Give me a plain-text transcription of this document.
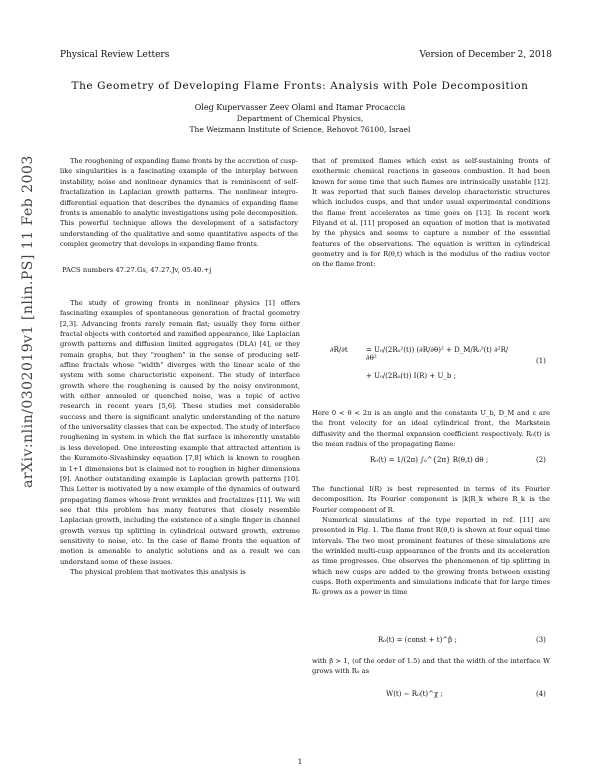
Physical Review Letters	Version of December 2, 2018
The Geometry of Developing Flame Fronts: Analysis with Pole Decomposition
Oleg Kupervasser Zeev Olami and Itamar Procaccia
Department of Chemical Physics,
The Weizmann Institute of Science, Rehovot 76100, Israel
arXiv:nlin/0302019v1 [nlin.PS] 11 Feb 2003	The roughening of expanding flame fronts by the accretion of cusp-like singularities is a fascinating example of the interplay between instability, noise and nonlinear dynamics that is reminiscent of self-fractalization in Laplacian growth patterns. The nonlinear integro-differential equation that describes the dynamics of expanding flame fronts is amenable to analytic investigations using pole decomposition. This powerful technique allows the development of a satisfactory understanding of the qualitative and some quantitative aspects of the complex geometry that develops in expanding flame fronts.

PACS numbers 47.27.Gs, 47.27.Jv, 05.40.+j

The study of growing fronts in nonlinear physics [1] offers fascinating examples of spontaneous generation of fractal geometry [2,3]. Advancing fronts rarely remain flat; usually they form either fractal objects with contorted and ramified appearance, like Laplacian growth patterns and diffusion limited aggregates (DLA) [4], or they remain graphs, but they "roughen" in the sense of producing self-affine fractals whose "width" diverges with the linear scale of the system with some characteristic exponent. The study of interface growth where the roughening is caused by the noisy environment, with either annealed or quenched noise, was a topic of active research in recent years [5,6]. These studies met considerable success and there is significant analytic understanding of the nature of the universality classes that can be expected. The study of interface roughening in system in which the flat surface is inherently unstable is less developed. One interesting example that attracted attention is the Kuramoto-Sivashinsky equation [7,8] which is known to roughen in 1+1 dimensions but is claimed not to roughen in higher dimensions [9]. Another outstanding example is Laplacian growth patterns [10]. This Letter is motivated by a new example of the dynamics of outward propagating flames whose front wrinkles and fractalizes [11]. We will see that this problem has many features that closely resemble Laplacian growth, including the existence of a single finger in channel growth versus tip splitting in cylindrical outward growth, extreme sensitivity to noise, etc. In the case of flame fronts the equation of motion is amenable to analytic solutions and as a result we can understand some of these issues.

The physical problem that motivates this analysis is

that of premixed flames which exist as self-sustaining fronts of exothermic chemical reactions in gaseous combustion. It had been known for some time that such flames are intrinsically unstable [12]. It was reported that such flames develop characteristic structures which includes cusps, and that under usual experimental conditions the flame front accelerates as time goes on [13]. In recent work Filyand et al. [11] proposed an equation of motion that is motivated by the physics and seems to capture a number of the essential features of the observations. The equation is written in cylindrical geometry and is for R(θ,t) which is the modulus of the radius vector on the flame front:

∂R/∂t	= U₀/(2R₀²(t)) (∂R/∂θ)² + D_M/R₀²(t) ∂²R/∂θ²
+ U₀/(2R₀(t)) I(R) + U_b ;
(1)

Here 0 < θ < 2π is an angle and the constants U_b, D_M and ε are the front velocity for an ideal cylindrical front, the Markstein diffusivity and the thermal expansion coefficient respectively. R₀(t) is the mean radius of the propagating flame:

R₀(t) = 1/(2π) ∫₀^{2π} R(θ,t) dθ ;	(2)

The functional I(R) is best represented in terms of its Fourier decomposition. Its Fourier component is |k|R_k where R_k is the Fourier component of R.

Numerical simulations of the type reported in ref. [11] are presented in Fig. 1. The flame front R(θ,t) is shown at four equal time intervals. The two most prominent features of these simulations are the wrinkled multi-cusp appearance of the fronts and its acceleration as time progresses. One observes the phenomenon of tip splitting in which new cusps are added to the growing fronts between existing cusps. Both experiments and simulations indicate that for large times R₀ grows as a power in time

R₀(t) = (const + t)^β ;	(3)

with β > 1, (of the order of 1.5) and that the width of the interface W grows with R₀ as

W(t) ∼ R₀(t)^χ ;	(4)
1
